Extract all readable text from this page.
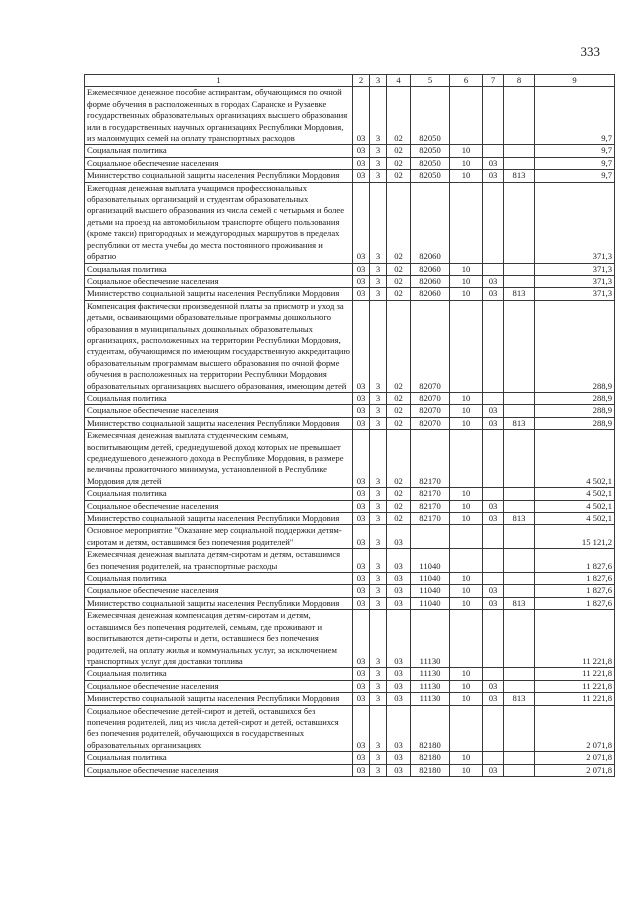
333
1	2	3	4	5	6	7	8	9
Ежемесячное денежное пособие аспирантам, обучающимся по очной форме обучения в расположенных в городах Саранске и Рузаевке государственных образовательных организациях высшего образования или в государственных научных организациях Республики Мордовия, из малоимущих семей на оплату транспортных расходов	03	3	02	82050				9,7
Социальная политика	03	3	02	82050	10			9,7
Социальное обеспечение населения	03	3	02	82050	10	03		9,7
Министерство социальной защиты населения Республики Мордовия	03	3	02	82050	10	03	813	9,7
Ежегодная денежная выплата учащимся профессиональных образовательных организаций и студентам образовательных организаций высшего образования из числа семей с четырьмя и более детьми на проезд на автомобильном транспорте общего пользования (кроме такси) пригородных и междугородных маршрутов в пределах республики от места учебы до места постоянного проживания и обратно	03	3	02	82060				371,3
Социальная политика	03	3	02	82060	10			371,3
Социальное обеспечение населения	03	3	02	82060	10	03		371,3
Министерство социальной защиты населения Республики Мордовия	03	3	02	82060	10	03	813	371,3
Компенсация фактически произведенной платы за присмотр и уход за детьми, осваивающими образовательные программы дошкольного образования в муниципальных дошкольных образовательных организациях, расположенных на территории Республики Мордовия, студентам, обучающимся по имеющим государственную аккредитацию образовательным программам высшего образования по очной форме обучения в расположенных на территории Республики Мордовия образовательных организациях высшего образования, имеющим детей	03	3	02	82070				288,9
Социальная политика	03	3	02	82070	10			288,9
Социальное обеспечение населения	03	3	02	82070	10	03		288,9
Министерство социальной защиты населения Республики Мордовия	03	3	02	82070	10	03	813	288,9
Ежемесячная денежная выплата студенческим семьям, воспитывающим детей, среднедушевой доход которых не превышает среднедушевого денежного дохода в Республике Мордовия, в размере величины прожиточного минимума, установленной в Республике Мордовия для детей	03	3	02	82170				4 502,1
Социальная политика	03	3	02	82170	10			4 502,1
Социальное обеспечение населения	03	3	02	82170	10	03		4 502,1
Министерство социальной защиты населения Республики Мордовия	03	3	02	82170	10	03	813	4 502,1
Основное мероприятие "Оказание мер социальной поддержки детям-сиротам и детям, оставшимся без попечения родителей"	03	3	03					15 121,2
Ежемесячная денежная выплата детям-сиротам и детям, оставшимся без попечения родителей, на транспортные расходы	03	3	03	11040				1 827,6
Социальная политика	03	3	03	11040	10			1 827,6
Социальное обеспечение населения	03	3	03	11040	10	03		1 827,6
Министерство социальной защиты населения Республики Мордовия	03	3	03	11040	10	03	813	1 827,6
Ежемесячная денежная компенсация детям-сиротам и детям, оставшимся без попечения родителей, семьям, где проживают и воспитываются дети-сироты и дети, оставшиеся без попечения родителей, на оплату жилья и коммунальных услуг, за исключением транспортных услуг для доставки топлива	03	3	03	11130				11 221,8
Социальная политика	03	3	03	11130	10			11 221,8
Социальное обеспечение населения	03	3	03	11130	10	03		11 221,8
Министерство социальной защиты населения Республики Мордовия	03	3	03	11130	10	03	813	11 221,8
Социальное обеспечение детей-сирот и детей, оставшихся без попечения родителей, лиц из числа детей-сирот и детей, оставшихся без попечения родителей, обучающихся в государственных образовательных организациях	03	3	03	82180				2 071,8
Социальная политика	03	3	03	82180	10			2 071,8
Социальное обеспечение населения	03	3	03	82180	10	03		2 071,8
